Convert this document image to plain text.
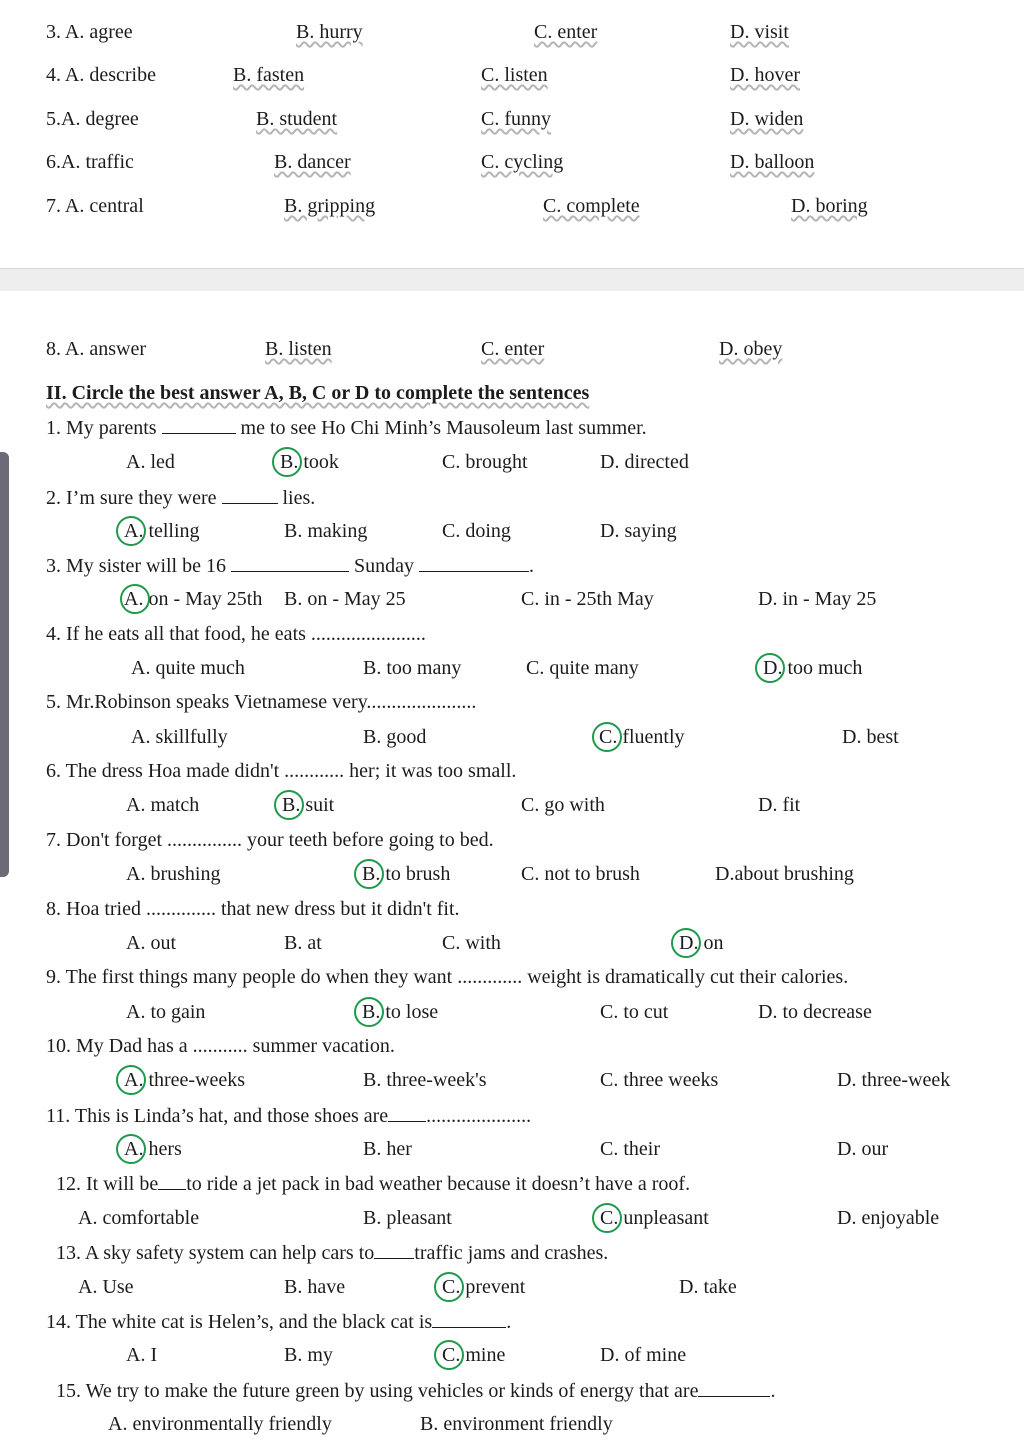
3. A. agree	B. hurry	C. enter	D. visit
4. A. describe	B. fasten	C. listen	D. hover
5.A. degree	B. student	C. funny	D. widen
6.A. traffic	B. dancer	C. cycling	D. balloon
7. A. central	B. gripping	C. complete	D. boring
8. A. answer	B. listen	C. enter	D. obey
II. Circle the best answer A, B, C or D to complete the sentences
1. My parents	me to see Ho Chi Minh’s Mausoleum last summer.
A. led	B. took	C. brought	D. directed
2. I’m sure they were	lies.
A. telling	B. making	C. doing	D. saying
3. My sister will be 16	Sunday	.
A. on - May 25th B. on - May 25	C. in - 25th May	D. in - May 25
4. If he eats all that food, he eats .......................
A. quite much	B. too many	C. quite many	D. too much
5. Mr.Robinson speaks Vietnamese very......................
A. skillfully	B. good	C. fluently	D. best
6. The dress Hoa made didn't ............ her; it was too small.
A. match	B. suit	C. go with	D. fit
7. Don't forget ............... your teeth before going to bed.
A. brushing	B. to brush	C. not to brush	D.about brushing
8. Hoa tried .............. that new dress but it didn't fit.
A. out	B. at	C. with	D. on
9. The first things many people do when they want ............. weight is dramatically cut their calories.
A. to gain	B. to lose	C. to cut	D. to decrease
10. My Dad has a ........... summer vacation.
A. three-weeks	B. three-week's	C. three weeks	D. three-week
11. This is Linda’s hat, and those shoes are .....................
A. hers	B. her	C. their	D. our
12. It will be to ride a jet pack in bad weather because it doesn’t have a roof.
A. comfortable	B. pleasant	C. unpleasant	D. enjoyable
13. A sky safety system can help cars to traffic jams and crashes.
A. Use	B. have	C. prevent	D. take
14. The white cat is Helen’s, and the black cat is	.
A. I	B. my	C. mine	D. of mine
15. We try to make the future green by using vehicles or kinds of energy that are	.
A. environmentally friendly	B. environment friendly
